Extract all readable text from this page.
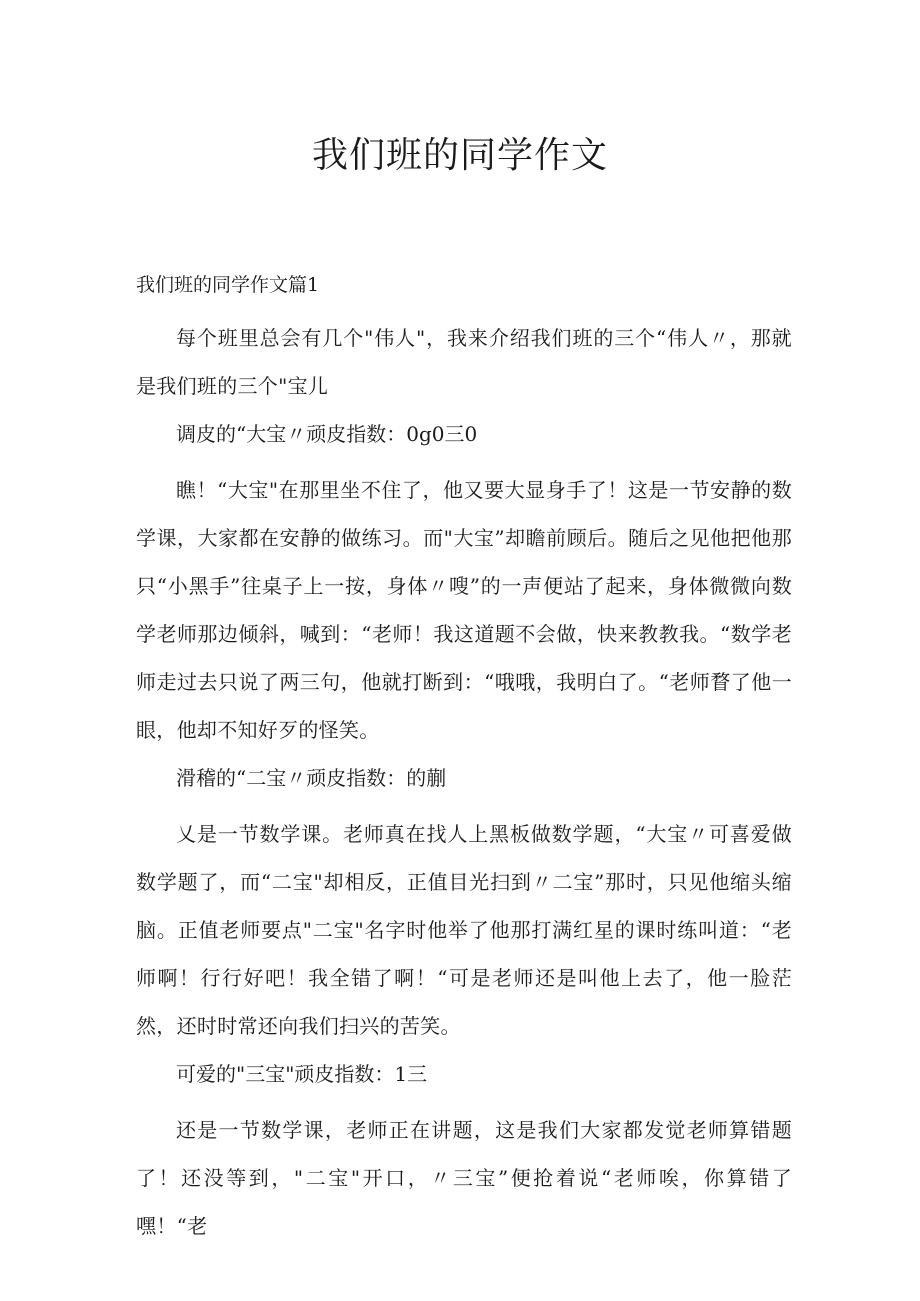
我们班的同学作文

我们班的同学作文篇1

每个班里总会有几个"伟人"，我来介绍我们班的三个“伟人〃，那就是我们班的三个"宝儿

调皮的“大宝〃顽皮指数：0g0三0

瞧！“大宝"在那里坐不住了，他又要大显身手了！这是一节安静的数学课，大家都在安静的做练习。而"大宝”却瞻前顾后。随后之见他把他那只“小黑手”往桌子上一按，身体〃嗖”的一声便站了起来，身体微微向数学老师那边倾斜，喊到：“老师！我这道题不会做，快来教教我。“数学老师走过去只说了两三句，他就打断到：“哦哦，我明白了。“老师瞀了他一眼，他却不知好歹的怪笑。

滑稽的“二宝〃顽皮指数：的蒯

乂是一节数学课。老师真在找人上黑板做数学题，“大宝〃可喜爱做数学题了，而“二宝"却相反，正值目光扫到〃二宝”那时，只见他缩头缩脑。正值老师要点"二宝"名字时他举了他那打满红星的课时练叫道：“老师啊！行行好吧！我全错了啊！“可是老师还是叫他上去了，他一脸茫然，还时时常还向我们扫兴的苦笑。

可爱的"三宝"顽皮指数：1三

还是一节数学课，老师正在讲题，这是我们大家都发觉老师算错题了！还没等到，"二宝"开口，〃三宝”便抢着说“老师唉，你算错了嘿！“老
